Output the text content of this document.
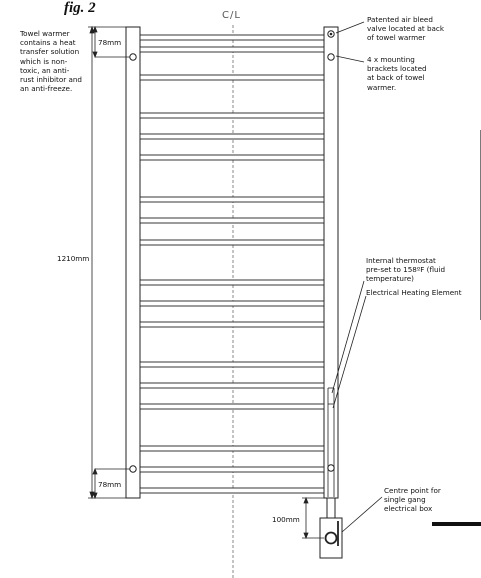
fig. 2	C/L
Towel warmer
contains a heat
transfer solution
which is non-
toxic, an anti-
rust inhibitor and
an anti-freeze.
Patented air bleed
valve located at back
of towel warmer
4 x mounting
brackets located
at back of towel
warmer.
Internal thermostat
pre-set to 158ºF (fluid
temperature)
Electrical Heating Element
Centre point for
single gang
electrical box
78mm
1210mm
78mm
100mm
